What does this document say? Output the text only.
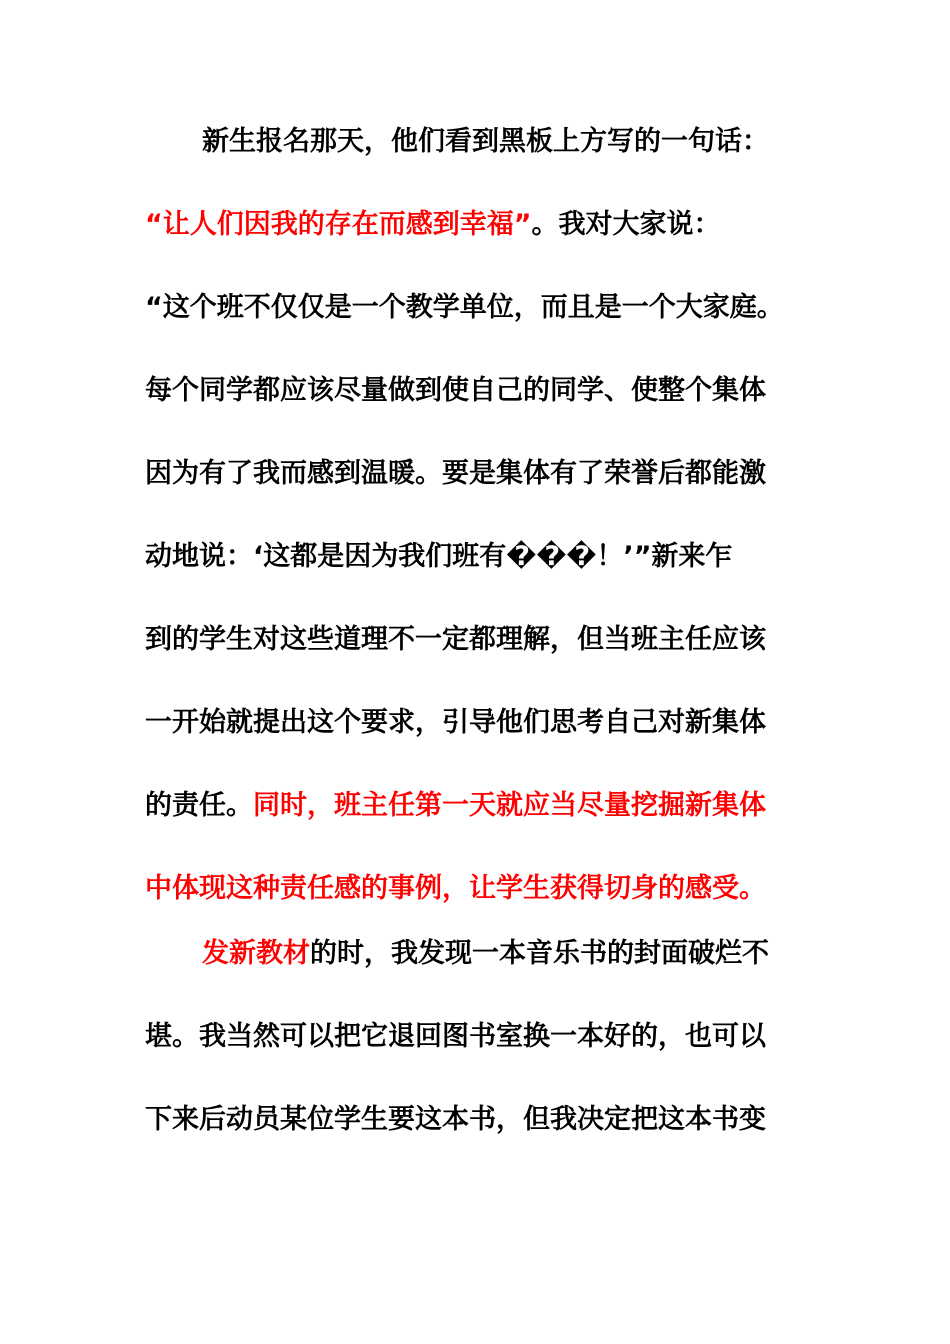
新生报名那天，他们看到黑板上方写的一句话：
“让人们因我的存在而感到幸福”。我对大家说：
“这个班不仅仅是一个教学单位，而且是一个大家庭。
每个同学都应该尽量做到使自己的同学、使整个集体
因为有了我而感到温暖。要是集体有了荣誉后都能激
动地说：‘这都是因为我们班有���！’”新来乍
到的学生对这些道理不一定都理解，但当班主任应该
一开始就提出这个要求，引导他们思考自己对新集体
的责任。同时，班主任第一天就应当尽量挖掘新集体
中体现这种责任感的事例，让学生获得切身的感受。
发新教材的时，我发现一本音乐书的封面破烂不
堪。我当然可以把它退回图书室换一本好的，也可以
下来后动员某位学生要这本书，但我决定把这本书变
